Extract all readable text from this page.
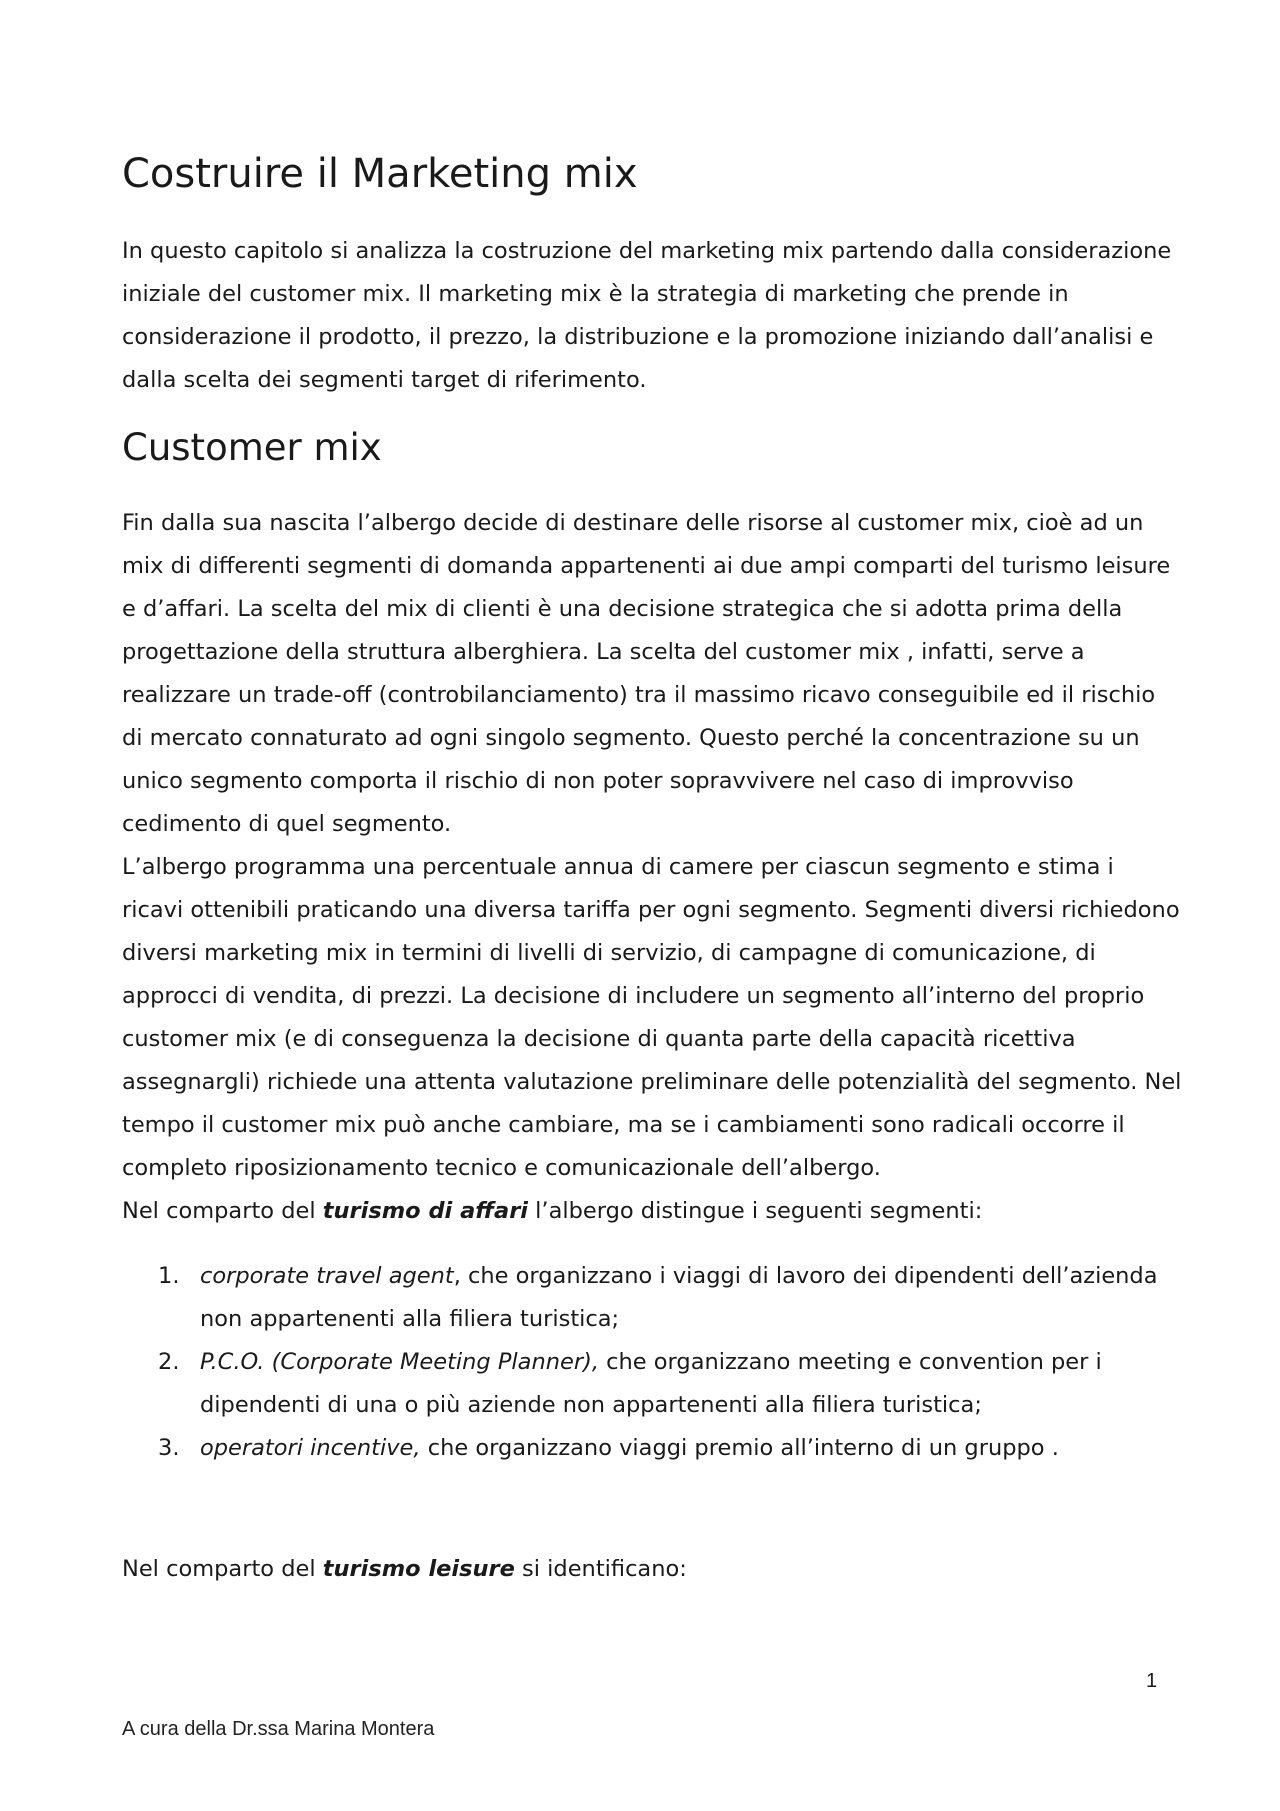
Costruire il Marketing mix

In questo capitolo si analizza la costruzione del marketing mix partendo dalla considerazione iniziale del customer mix. Il marketing mix è la strategia di marketing che prende in considerazione il prodotto, il prezzo, la distribuzione e la promozione iniziando dall’analisi e dalla scelta dei segmenti target di riferimento.

Customer mix

Fin dalla sua nascita l’albergo decide di destinare delle risorse al customer mix, cioè ad un mix di differenti segmenti di domanda appartenenti ai due ampi comparti del turismo leisure e d’affari. La scelta del mix di clienti è una decisione strategica che si adotta prima della progettazione della struttura alberghiera. La scelta del customer mix , infatti, serve a realizzare un trade-off (controbilanciamento) tra il massimo ricavo conseguibile ed il rischio di mercato connaturato ad ogni singolo segmento. Questo perché la concentrazione su un unico segmento comporta il rischio di non poter sopravvivere nel caso di improvviso cedimento di quel segmento.

L’albergo programma una percentuale annua di camere per ciascun segmento e stima i ricavi ottenibili praticando una diversa tariffa per ogni segmento. Segmenti diversi richiedono diversi marketing mix in termini di livelli di servizio, di campagne di comunicazione, di approcci di vendita, di prezzi. La decisione di includere un segmento all’interno del proprio customer mix (e di conseguenza la decisione di quanta parte della capacità ricettiva assegnargli) richiede una attenta valutazione preliminare delle potenzialità del segmento. Nel tempo il customer mix può anche cambiare, ma se i cambiamenti sono radicali occorre il completo riposizionamento tecnico e comunicazionale dell’albergo.

Nel comparto del turismo di affari l’albergo distingue i seguenti segmenti:

1. corporate travel agent, che organizzano i viaggi di lavoro dei dipendenti dell’azienda non appartenenti alla filiera turistica;
2. P.C.O. (Corporate Meeting Planner), che organizzano meeting e convention per i dipendenti di una o più aziende non appartenenti alla filiera turistica;
3. operatori incentive, che organizzano viaggi premio all’interno di un gruppo .

Nel comparto del turismo leisure si identificano:

1
A cura della Dr.ssa Marina Montera
